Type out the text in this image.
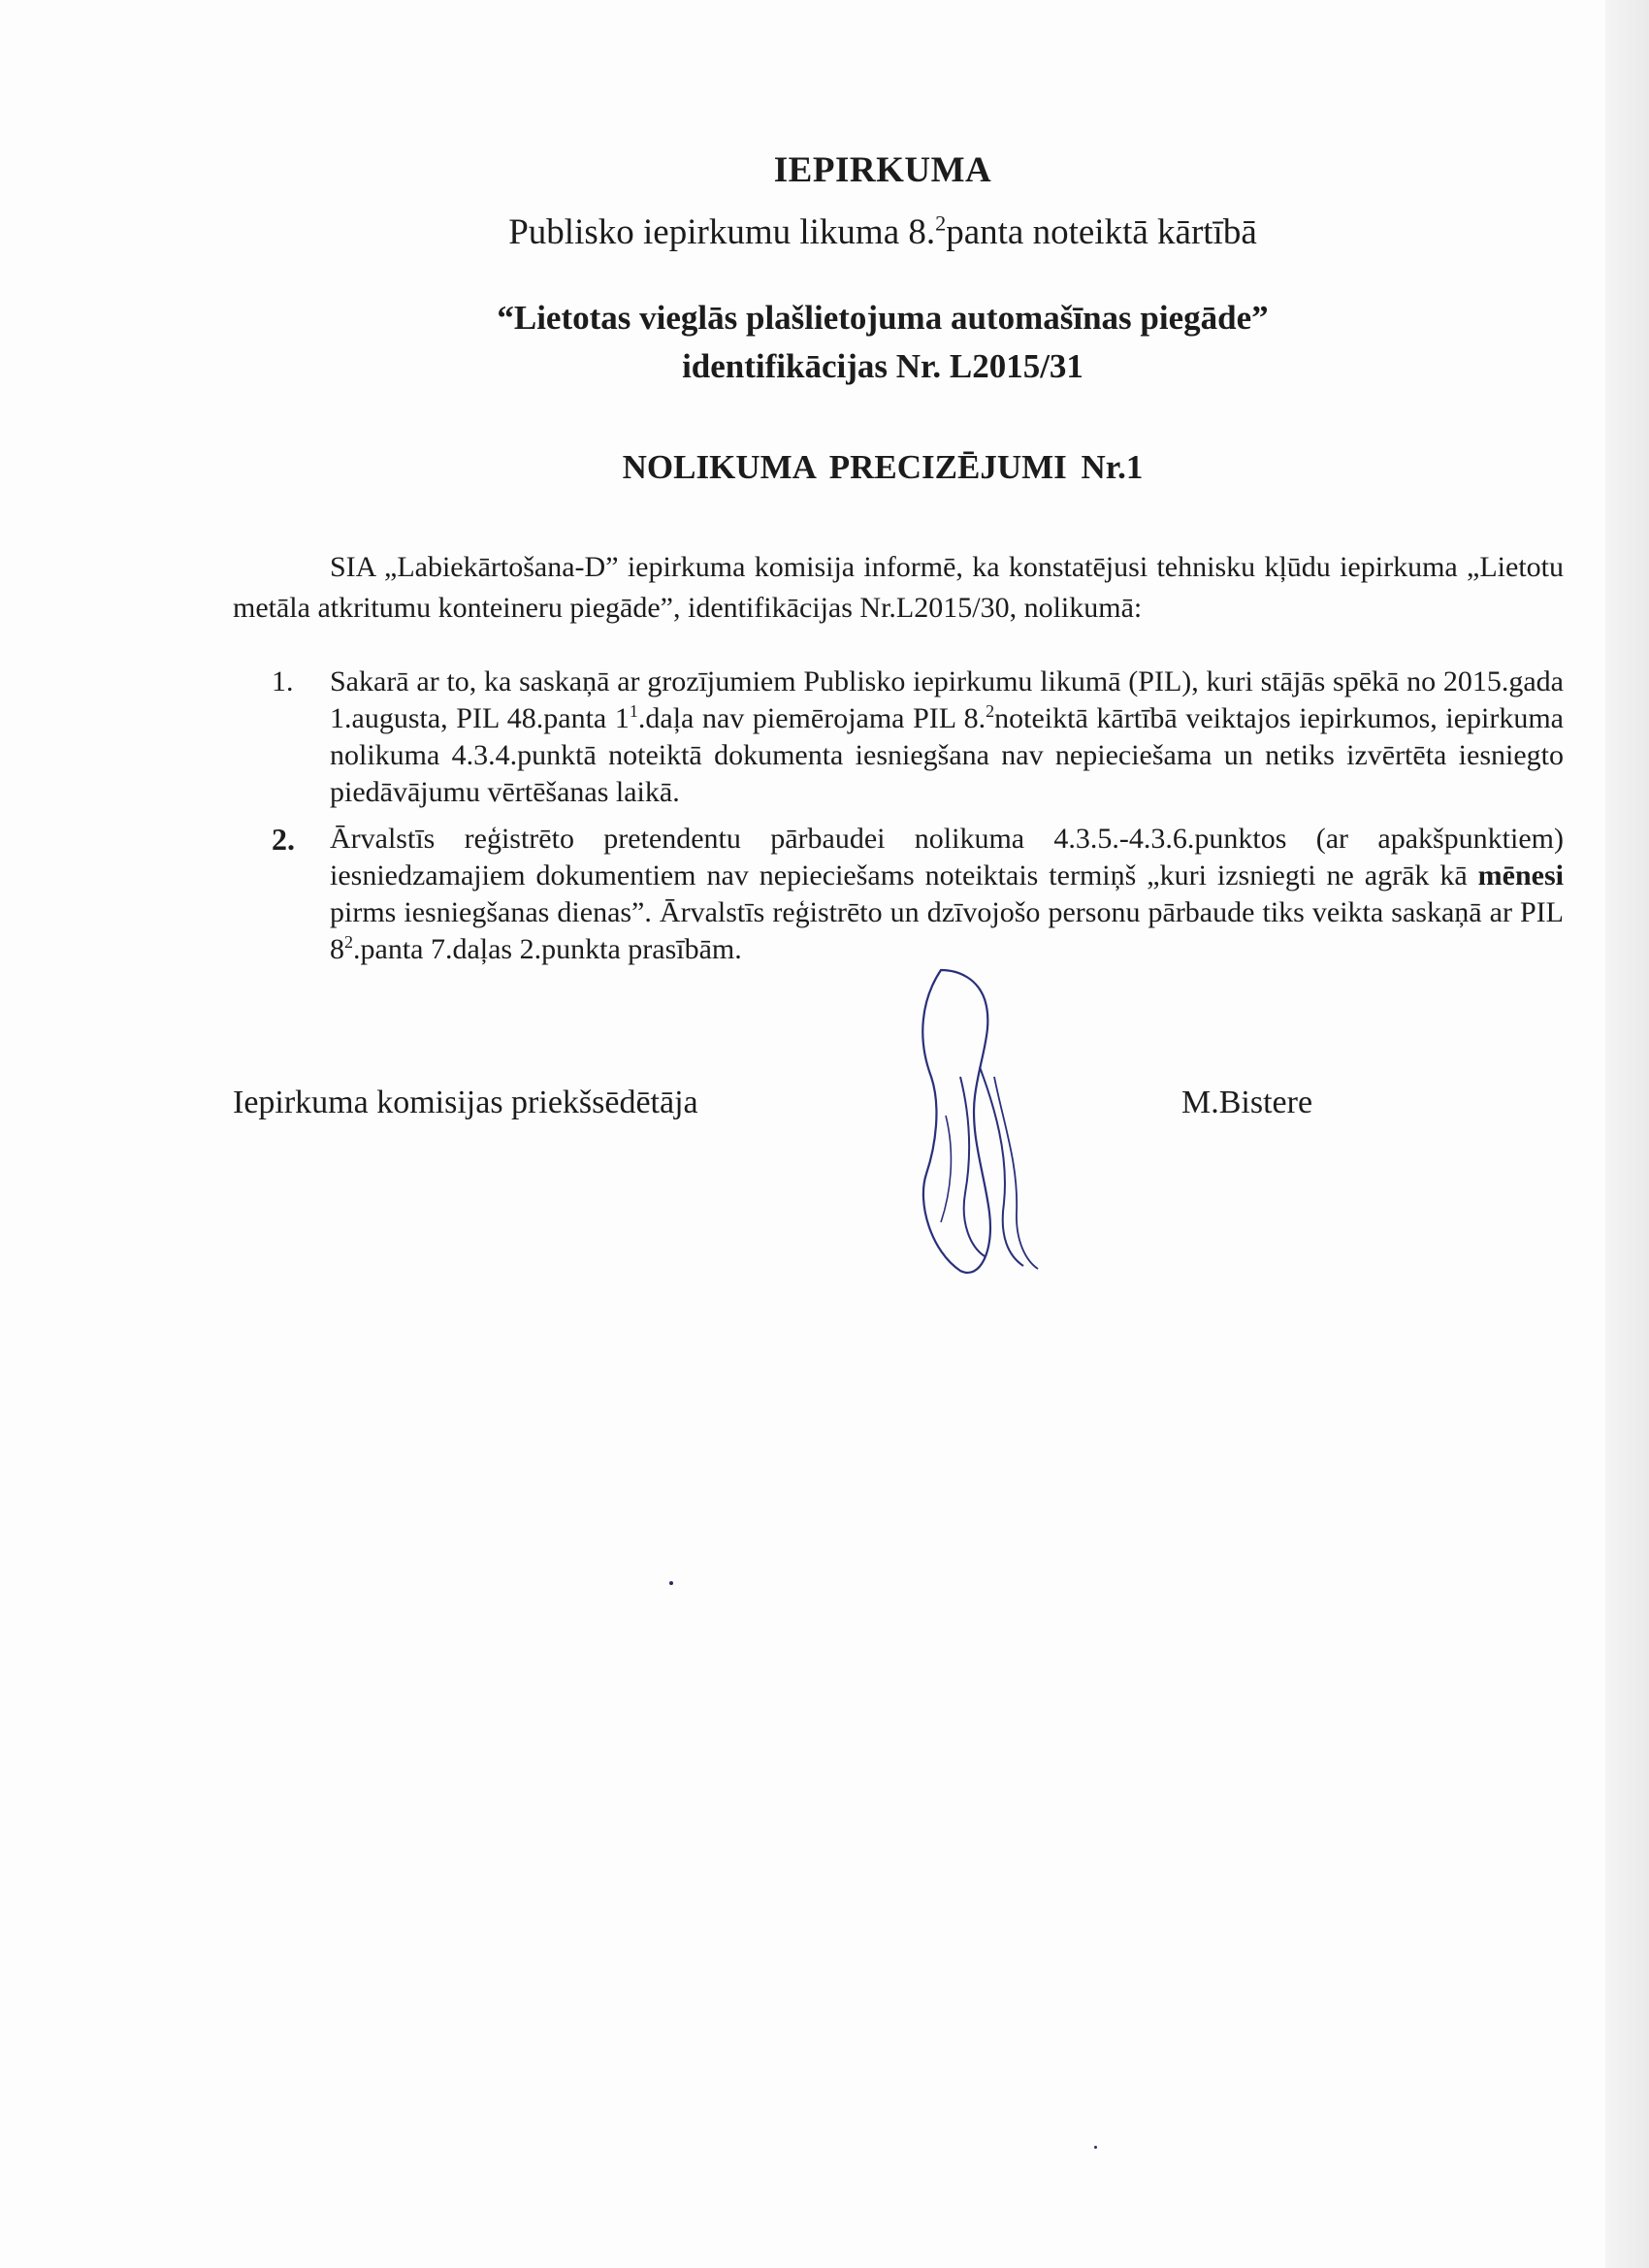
IEPIRKUMA
Publisko iepirkumu likuma 8.$^2$panta noteiktā kārtībā
“Lietotas vieglās plašlietojuma automašīnas piegāde”
identifikācijas Nr. L2015/31
NOLIKUMA PRECIZĒJUMI Nr.1
SIA „Labiekārtošana-D” iepirkuma komisija informē, ka konstatējusi tehnisku kļūdu iepirkuma „Lietotu metāla atkritumu konteineru piegāde”, identifikācijas Nr.L2015/30, nolikumā:
1. Sakarā ar to, ka saskaņā ar grozījumiem Publisko iepirkumu likumā (PIL), kuri stājās spēkā no 2015.gada 1.augusta, PIL 48.panta $1^1.daļa$ nav piemērojama PIL 8.$^2$noteiktā kārtībā veiktajos iepirkumos, iepirkuma nolikuma 4.3.4.punktā noteiktā dokumenta iesniegšana nav nepieciešama un netiks izvērtēta iesniegto piedāvājumu vērtēšanas laikā.
2. Ārvalstīs reģistrēto pretendentu pārbaudei nolikuma 4.3.5.-4.3.6.punktos (ar apakšpunktiem) iesniedzamajiem dokumentiem nav nepieciešams noteiktais termiņš „kuri izsniegti ne agrāk kā mēnesi pirms iesniegšanas dienas”. Ārvalstīs reģistrēto un dzīvojošo personu pārbaude tiks veikta saskaņā ar PIL $8^2.panta$ 7.daļas 2.punkta prasībām.
Iepirkuma komisijas priekšsēdētāja	M.Bistere
